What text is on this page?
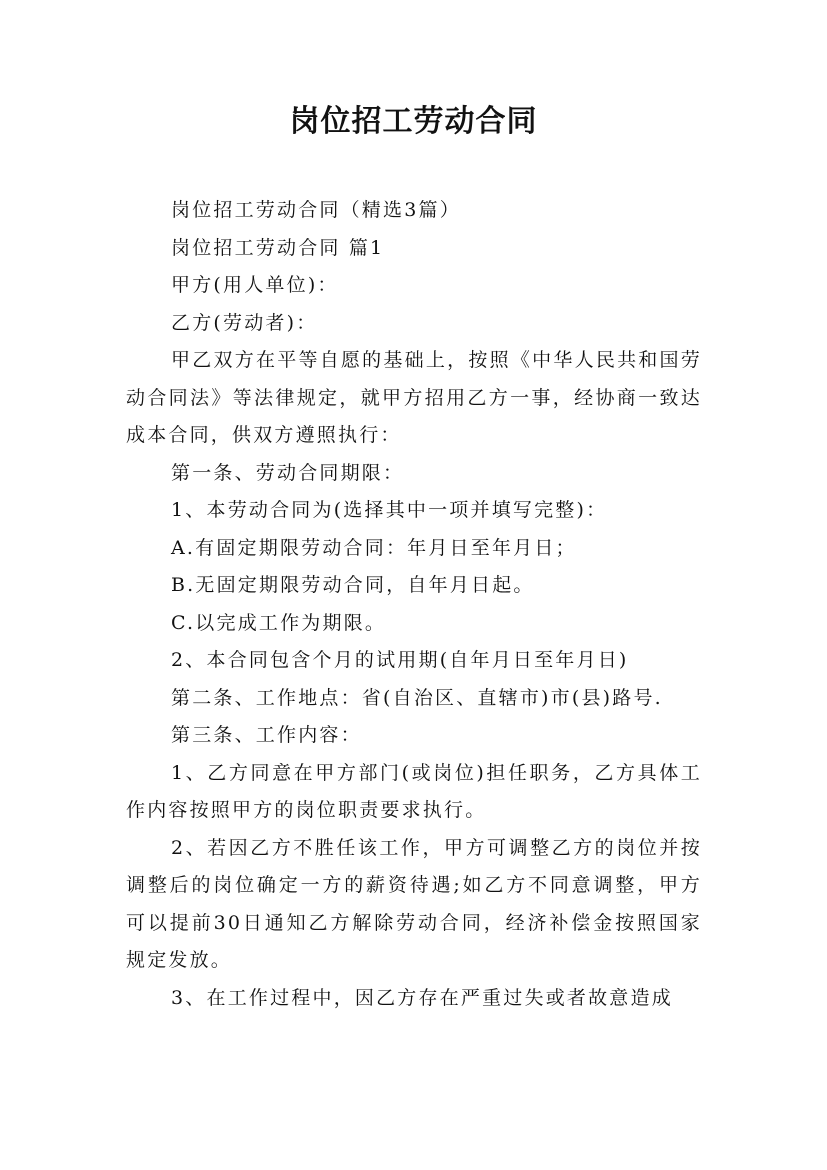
岗位招工劳动合同

岗位招工劳动合同（精选3篇）

岗位招工劳动合同 篇1

甲方(用人单位)：

乙方(劳动者)：

甲乙双方在平等自愿的基础上，按照《中华人民共和国劳动合同法》等法律规定，就甲方招用乙方一事，经协商一致达成本合同，供双方遵照执行：

第一条、劳动合同期限：

1、本劳动合同为(选择其中一项并填写完整)：

A.有固定期限劳动合同：年月日至年月日；

B.无固定期限劳动合同，自年月日起。

C.以完成工作为期限。

2、本合同包含个月的试用期(自年月日至年月日)

第二条、工作地点：省(自治区、直辖市)市(县)路号.

第三条、工作内容：

1、乙方同意在甲方部门(或岗位)担任职务，乙方具体工作内容按照甲方的岗位职责要求执行。

2、若因乙方不胜任该工作，甲方可调整乙方的岗位并按调整后的岗位确定一方的薪资待遇;如乙方不同意调整，甲方可以提前30日通知乙方解除劳动合同，经济补偿金按照国家规定发放。

3、在工作过程中，因乙方存在严重过失或者故意造成
